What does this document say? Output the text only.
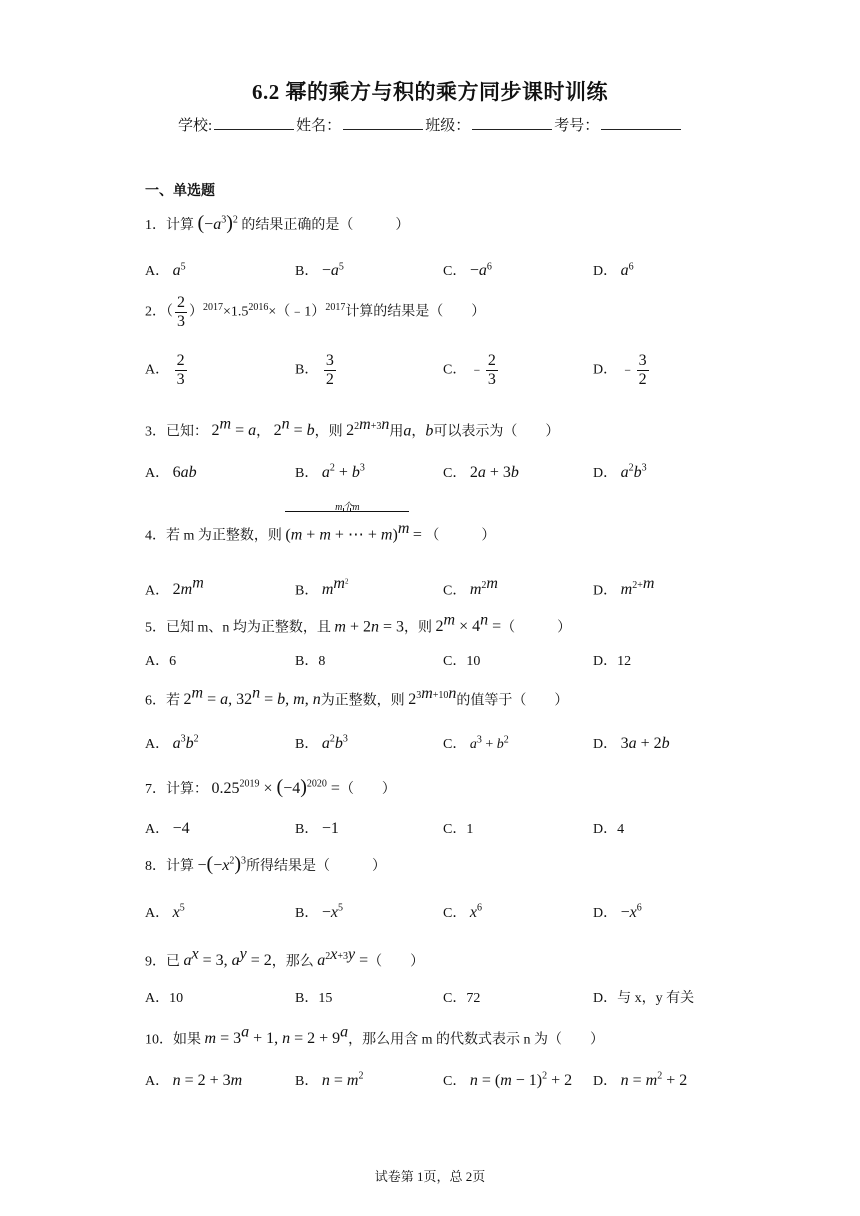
6.2 幂的乘方与积的乘方同步课时训练
学校:	姓名：	班级：	考号：
一、单选题
1．计算 $(-a^3)^2$ 的结果正确的是（　　　）
A． $a^5$	B． $-a^5$	C． $-a^6$	D． $a^6$
2．（ $\frac{2}{3}$ ）$^{2017}\times 1.5^{2016}\times(﹣1)^{2017}$计算的结果是（　　）
A． $\frac{2}{3}$	B． $\frac{3}{2}$	C． ﹣ $\frac{2}{3}$	D． ﹣ $\frac{3}{2}$
3．已知： $2^m = a$， $2^n = b$，则 $2^{2m+3n}$用a，b可以表示为（　　）
A． 6ab	B． $a^2 + b^3$	C． 2a + 3b	D． $a^2b^3$
4．若 m 为正整数，则
m个m
(m + m + ⋯ + m)$^m$ = （　　　）
A． $2m^m$	B． $m^{m^2}$
C． $m^{2m}$	D． $m^{2+m}$
5．已知 m、n 均为正整数，且 m + 2n = 3，则 $2^m \times 4^n$ =（　　　）
A．6	B．8	C．10	D．12
6．若 $2^m = a$, $32^n = b$, m, n为正整数，则 $2^{3m+10n}$的值等于（　　）
A． $a^3b^2$	B． $a^2b^3$	C． $a^3 + b^2$	D． 3a + 2b
7．计算： $0.25^{2019} \times (-4)^{2020}$ =（　　）
A． −4	B． −1	C．1	D．4
8．计算 $-(-x^2)^3$所得结果是（　　　）
A． $x^5$	B． $-x^5$	C． $x^6$	D． $-x^6$
9．已 $a^x = 3$, $a^y = 2$，那么 $a^{2x+3y}$ =（　　）
A．10	B．15	C．72	D．与 x，y 有关
10．如果 $m = 3^a + 1$, $n = 2 + 9^a$，那么用含 m 的代数式表示 n 为（　　）
A． n = 2 + 3m	B． $n = m^2$	C． $n = (m - 1)^2 + 2$ D． $n = m^2 + 2$
试卷第 1页，总 2页
